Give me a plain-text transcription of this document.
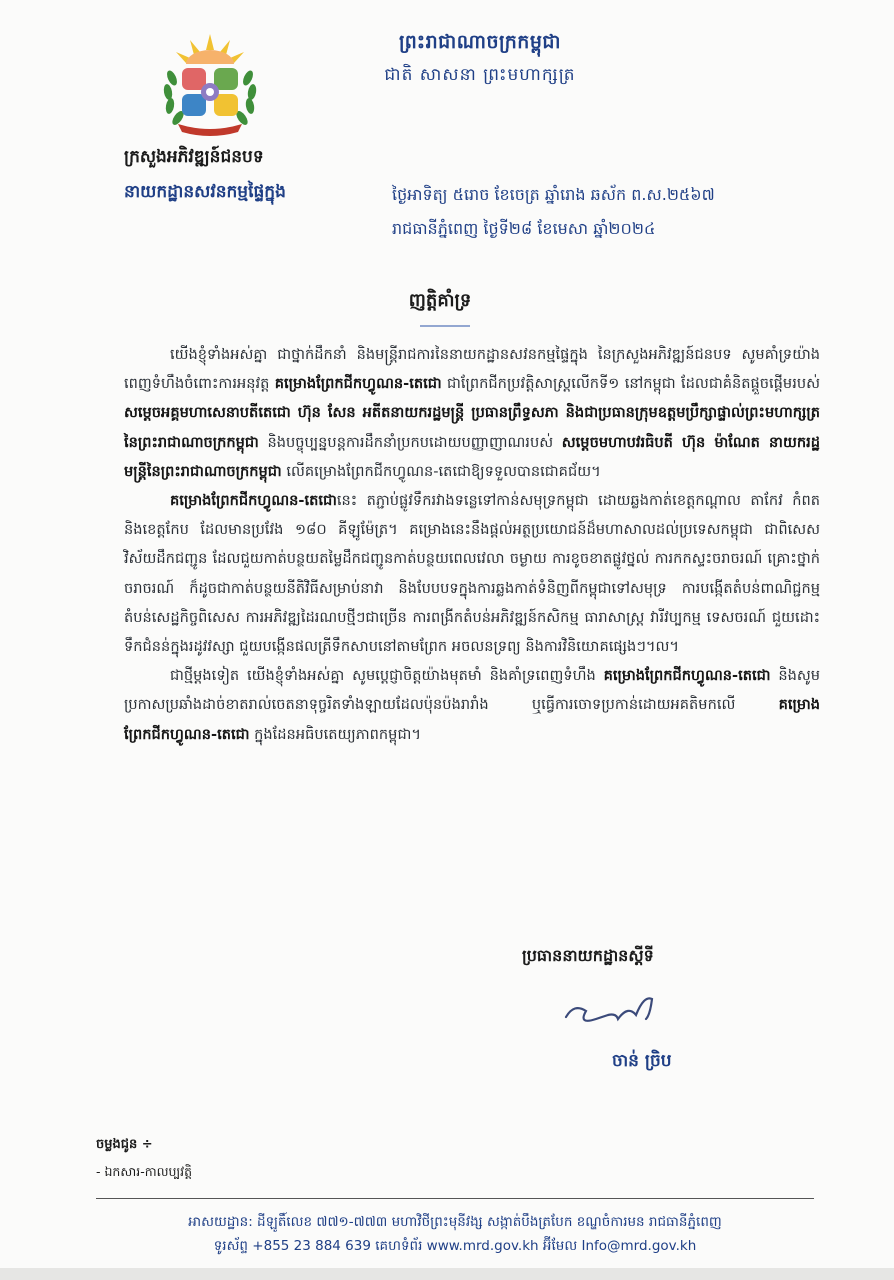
ព្រះរាជាណាចក្រកម្ពុជា
ជាតិ សាសនា ព្រះមហាក្សត្រ
ក្រសួងអភិវឌ្ឍន៍ជនបទ
នាយកដ្ឋានសវនកម្មផ្ទៃក្នុង	ថ្ងៃអាទិត្យ ៥រោច ខែចេត្រ ឆ្នាំរោង ឆស័ក ព.ស.២៥៦៧
រាជធានីភ្នំពេញ ថ្ងៃទី២៨ ខែមេសា ឆ្នាំ២០២៤
ញត្តិគាំទ្រ

យើងខ្ញុំទាំងអស់គ្នា ជាថ្នាក់ដឹកនាំ និងមន្ត្រីរាជការនៃនាយកដ្ឋានសវនកម្មផ្ទៃក្នុង នៃក្រសួងអភិវឌ្ឍន៍ជនបទ សូមគាំទ្រយ៉ាងពេញទំហឹងចំពោះការអនុវត្ត គម្រោងព្រែកជីកហ្វូណន-តេជោ ជាព្រែកជីកប្រវត្តិសាស្រ្តលើកទី១ នៅកម្ពុជា ដែលជាគំនិតផ្តួចផ្តើមរបស់ សម្តេចអគ្គមហាសេនាបតីតេជោ ហ៊ុន សែន អតីតនាយករដ្ឋមន្ត្រី ប្រធានព្រឹទ្ធសភា និងជាប្រធានក្រុមឧត្តមប្រឹក្សាផ្ទាល់ព្រះមហាក្សត្រ នៃព្រះរាជាណាចក្រកម្ពុជា និងបច្ចុប្បន្នបន្តការដឹកនាំប្រកបដោយបញ្ញាញាណរបស់ សម្តេចមហាបវរធិបតី ហ៊ុន ម៉ាណែត នាយករដ្ឋមន្ត្រីនៃព្រះរាជាណាចក្រកម្ពុជា លើគម្រោងព្រែកជីកហ្វូណន-តេជោឱ្យទទួលបានជោគជ័យ។

គម្រោងព្រែកជីកហ្វូណន-តេជោនេះ តភ្ជាប់ផ្លូវទឹករវាងទន្លេទៅកាន់សមុទ្រកម្ពុជា ដោយឆ្លងកាត់ខេត្តកណ្តាល តាកែវ កំពត និងខេត្តកែប ដែលមានប្រវែង ១៨០ គីឡូម៉ែត្រ។ គម្រោងនេះនឹងផ្តល់អត្ថប្រយោជន៍ដ៏មហាសាលដល់ប្រទេសកម្ពុជា ជាពិសេសវិស័យដឹកជញ្ជូន ដែលជួយកាត់បន្ថយតម្លៃដឹកជញ្ជូនកាត់បន្ថយពេលវេលា ចម្ងាយ ការខូចខាតផ្លូវថ្នល់ ការកកស្ទះចរាចរណ៍ គ្រោះថ្នាក់ចរាចរណ៍ ក៏ដូចជាកាត់បន្ថយនីតិវិធីសម្រាប់នាវា និងបែបបទក្នុងការឆ្លងកាត់ទំនិញពីកម្ពុជាទៅសមុទ្រ ការបង្កើតតំបន់ពាណិជ្ជកម្ម តំបន់សេដ្ឋកិច្ចពិសេស ការអភិវឌ្ឍដៃរណបថ្មីៗជាច្រើន ការពង្រីកតំបន់អភិវឌ្ឍន៍កសិកម្ម ធារាសាស្រ្ត វារីវប្បកម្ម ទេសចរណ៍ ជួយដោះទឹកជំនន់ក្នុងរដូវវស្សា ជួយបង្កើនផលត្រីទឹកសាបនៅតាមព្រែក អចលនទ្រព្យ និងការវិនិយោគផ្សេងៗ។ល។

ជាថ្មីម្តងទៀត យើងខ្ញុំទាំងអស់គ្នា សូមប្តេជ្ញាចិត្តយ៉ាងមុតមាំ និងគាំទ្រពេញទំហឹង គម្រោងព្រែកជីកហ្វូណន-តេជោ និងសូមប្រកាសប្រឆាំងដាច់ខាតរាល់ចេតនាទុច្ចរិតទាំងឡាយដែលប៉ុនប៉ងរារាំង ឬធ្វើការចោទប្រកាន់ដោយអគតិមកលើ គម្រោងព្រែកជីកហ្វូណន-តេជោ ក្នុងដែនអធិបតេយ្យភាពកម្ពុជា។

ប្រធាននាយកដ្ឋានស្តីទី
ចាន់ ច្រិប
ចម្លងជូន ÷
- ឯកសារ-កាលប្បវត្តិ
អាសយដ្ឋាន: ដីឡូតិ៍លេខ ៧៧១-៧៧៣ មហាវិថីព្រះមុនីវង្ស សង្កាត់បឹងត្របែក ខណ្ឌចំការមន រាជធានីភ្នំពេញ
ទូរស័ព្ទ +855 23 884 639 គេហទំព័រ www.mrd.gov.kh អ៊ីមែល Info@mrd.gov.kh
